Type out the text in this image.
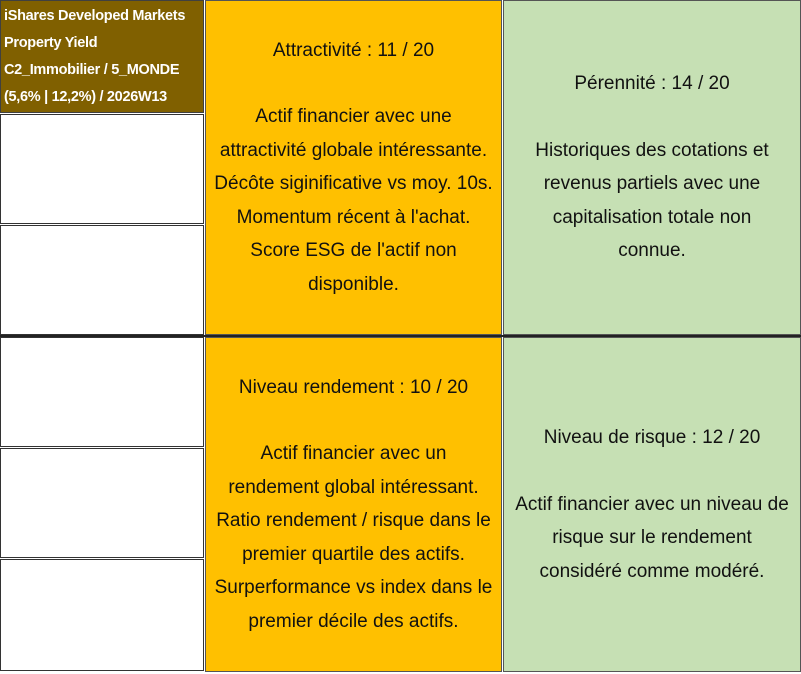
iShares Developed Markets
Property Yield
C2_Immobilier / 5_MONDE
(5,6% | 12,2%) / 2026W13
Attractivité : 11 / 20
Actif financier avec une
attractivité globale intéressante.
Décôte siginificative vs moy. 10s.
Momentum récent à l'achat.
Score ESG de l'actif non
disponible.
Pérennité : 14 / 20
Historiques des cotations et
revenus partiels avec une
capitalisation totale non
connue.
Niveau rendement : 10 / 20
Actif financier avec un
rendement global intéressant.
Ratio rendement / risque dans le
premier quartile des actifs.
Surperformance vs index dans le
premier décile des actifs.
Niveau de risque : 12 / 20
Actif financier avec un niveau de
risque sur le rendement
considéré comme modéré.
